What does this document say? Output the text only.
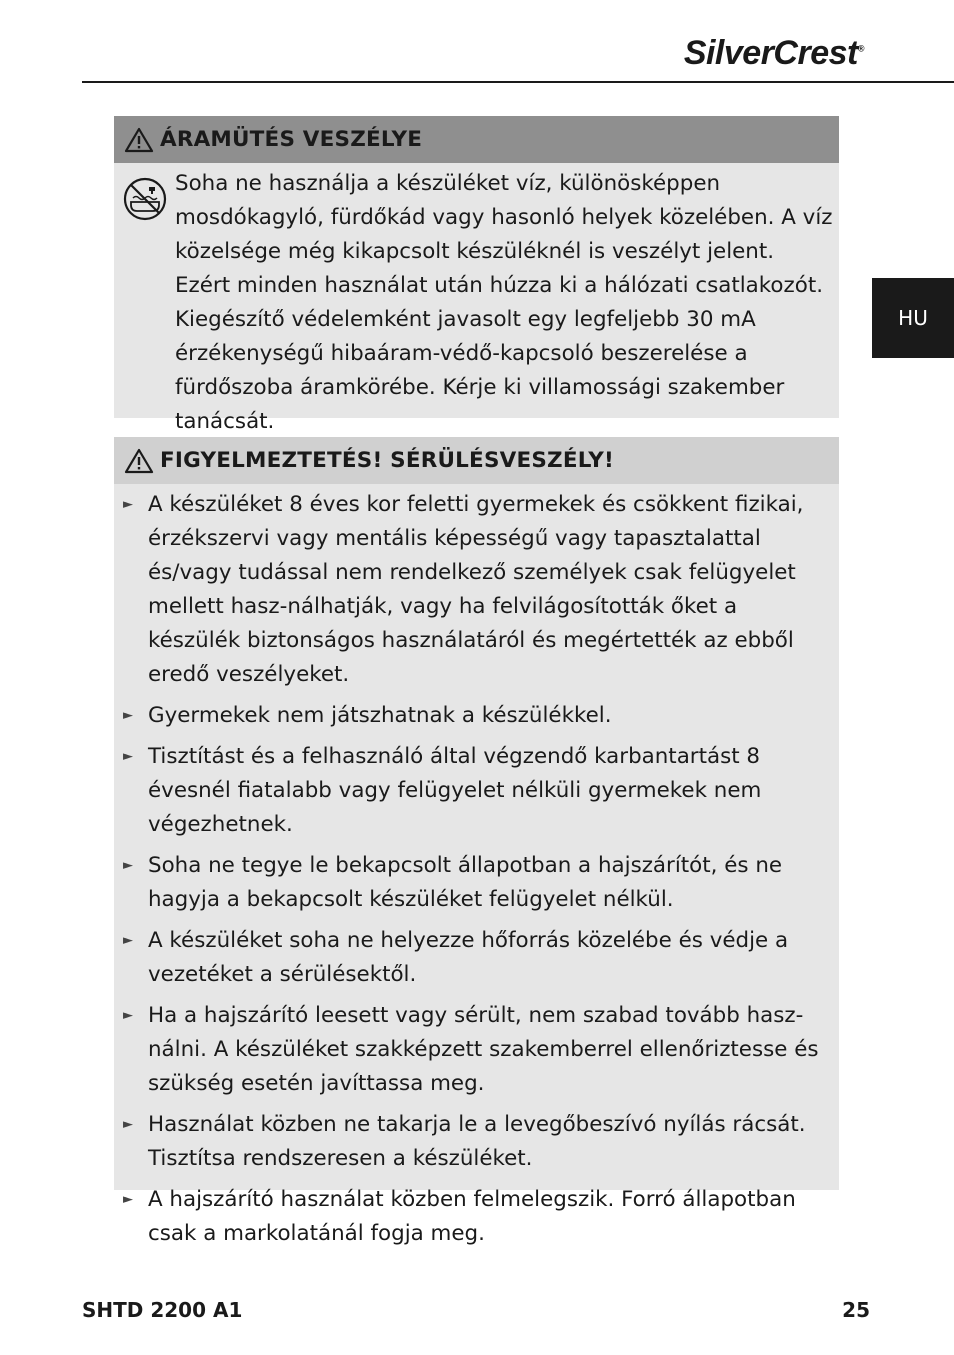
SilverCrest®
HU
ÁRAMÜTÉS VESZÉLYE

Soha ne használja a készüléket víz, különösképpen mosdókagyló, fürdőkád vagy hasonló helyek közelében. A víz közelsége még kikapcsolt készüléknél is veszélyt jelent. Ezért minden használat után húzza ki a hálózati csatlakozót. Kiegészítő védelemként javasolt egy legfeljebb 30 mA érzékenységű hibaáram-védő-kapcsoló beszerelése a fürdőszoba áramkörébe. Kérje ki villamossági szakember tanácsát.

FIGYELMEZTETÉS! SÉRÜLÉSVESZÉLY!
► A készüléket 8 éves kor feletti gyermekek és csökkent fizikai, érzékszervi vagy mentális képességű vagy tapasztalattal és/vagy tudással nem rendelkező személyek csak felügyelet mellett hasz-nálhatják, vagy ha felvilágosították őket a készülék biztonságos használatáról és megértették az ebből eredő veszélyeket.
► Gyermekek nem játszhatnak a készülékkel.
► Tisztítást és a felhasználó által végzendő karbantartást 8 évesnél fiatalabb vagy felügyelet nélküli gyermekek nem végezhetnek.
► Soha ne tegye le bekapcsolt állapotban a hajszárítót, és ne hagyja a bekapcsolt készüléket felügyelet nélkül.
► A készüléket soha ne helyezze hőforrás közelébe és védje a vezetéket a sérülésektől.
► Ha a hajszárító leesett vagy sérült, nem szabad tovább hasz-nálni. A készüléket szakképzett szakemberrel ellenőriztesse és szükség esetén javíttassa meg.
► Használat közben ne takarja le a levegőbeszívó nyílás rácsát. Tisztítsa rendszeresen a készüléket.
► A hajszárító használat közben felmelegszik. Forró állapotban csak a markolatánál fogja meg.
SHTD 2200 A1	25
